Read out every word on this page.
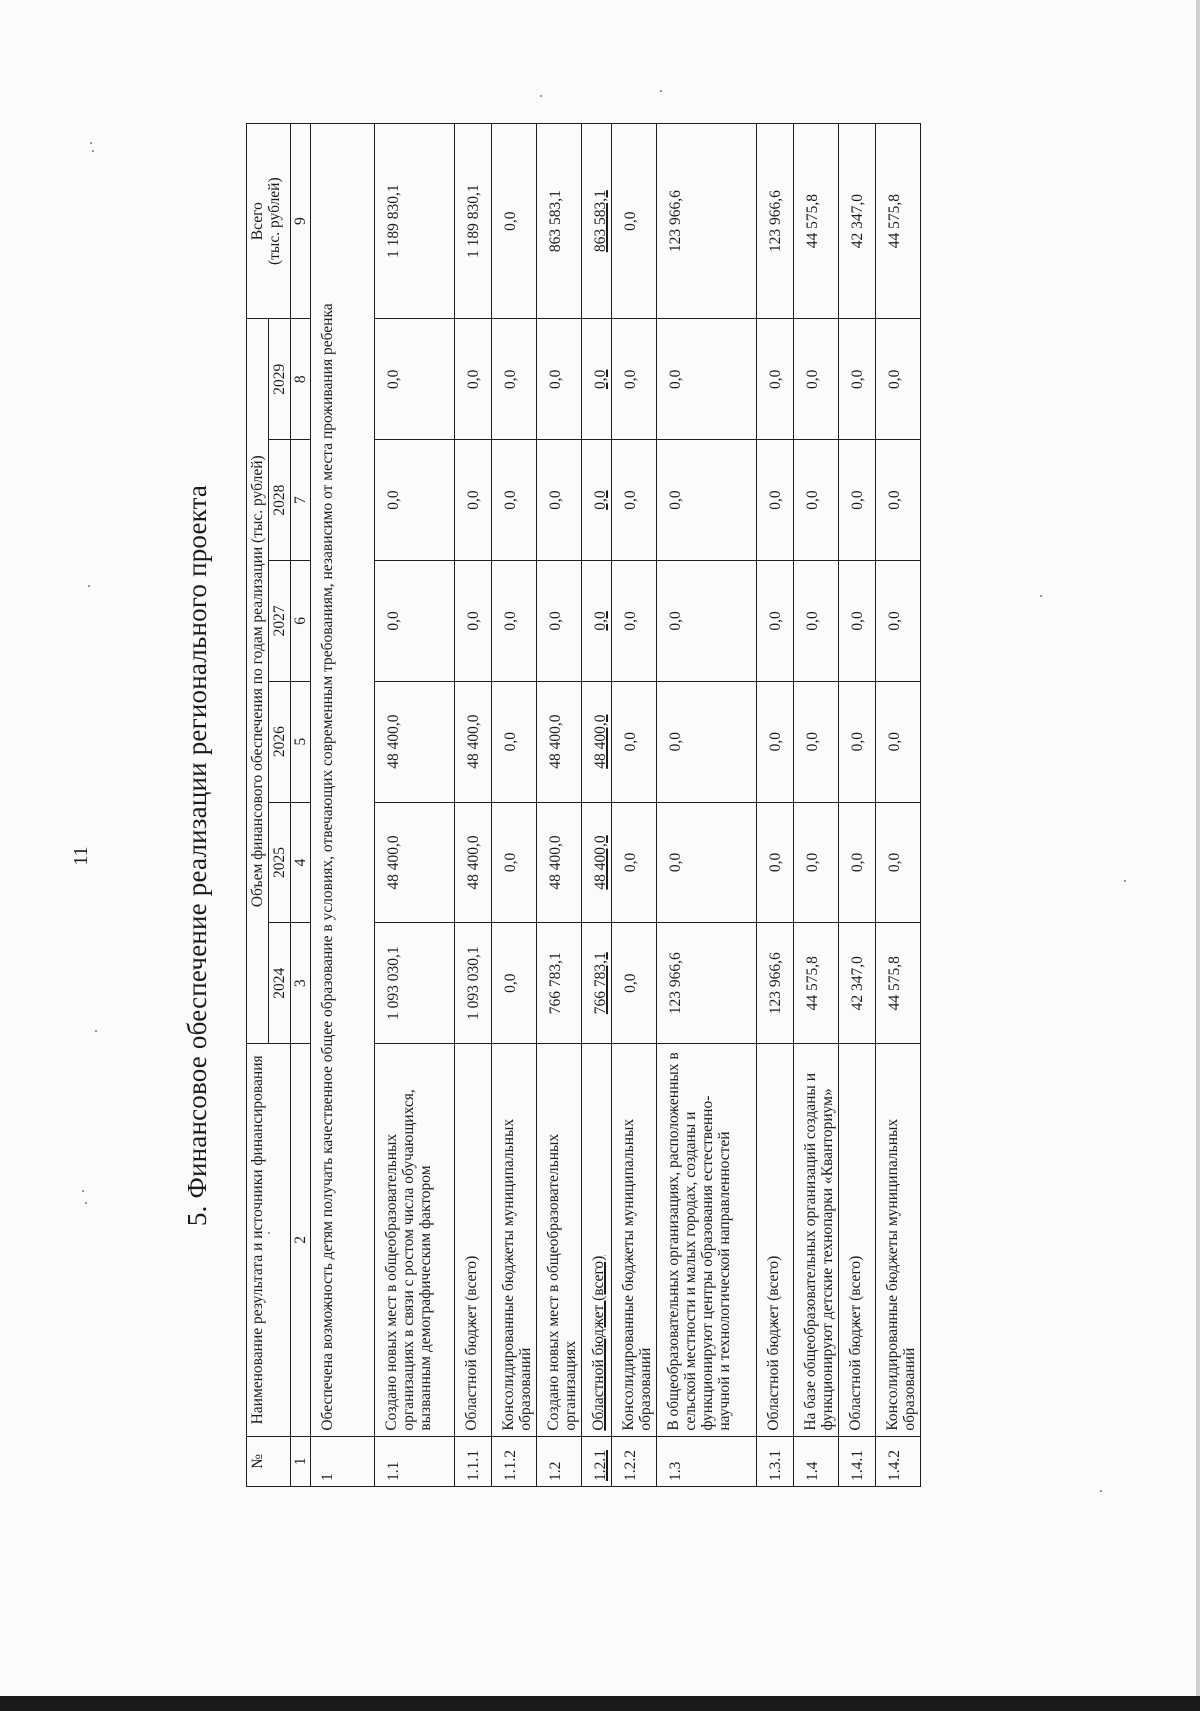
11	5. Финансовое обеспечение реализации регионального проекта
№	Наименование результата и источники финансирования	Объем финансового обеспечения по годам реализации (тыс. рублей)						Всего (тыс. рублей)

		2024	2025	2026	2027	2028	2029	
1	2	3	4	5	6	7	8	9
1	Обеспечена возможность детям получать качественное общее образование в условиях, отвечающих современным требованиям, независимо от места проживания ребенка							
1.1	Создано новых мест в общеобразовательных организациях в связи с ростом числа обучающихся, вызванным демографическим фактором	1 093 030,1	48 400,0	48 400,0	0,0	0,0	0,0	1 189 830,1
1.1.1	Областной бюджет (всего)	1 093 030,1	48 400,0	48 400,0	0,0	0,0	0,0	1 189 830,1
1.1.2	Консолидированные бюджеты муниципальных образований	0,0	0,0	0,0	0,0	0,0	0,0	0,0
1.2	Создано новых мест в общеобразовательных организациях	766 783,1	48 400,0	48 400,0	0,0	0,0	0,0	863 583,1
1.2.1	Областной бюджет (всего)	766 783,1	48 400,0	48 400,0	0,0	0,0	0,0	863 583,1
1.2.2	Консолидированные бюджеты муниципальных образований	0,0	0,0	0,0	0,0	0,0	0,0	0,0
1.3	В общеобразовательных организациях, расположенных в сельской местности и малых городах, созданы и функционируют центры образования естественно-научной и технологической направленностей	123 966,6	0,0	0,0	0,0	0,0	0,0	123 966,6
1.3.1	Областной бюджет (всего)	123 966,6	0,0	0,0	0,0	0,0	0,0	123 966,6
1.4	На базе общеобразовательных организаций созданы и функционируют детские технопарки «Кванториум»	44 575,8	0,0	0,0	0,0	0,0	0,0	44 575,8
1.4.1	Областной бюджет (всего)	42 347,0	0,0	0,0	0,0	0,0	0,0	42 347,0
1.4.2	Консолидированные бюджеты муниципальных образований	44 575,8	0,0	0,0	0,0	0,0	0,0	44 575,8
